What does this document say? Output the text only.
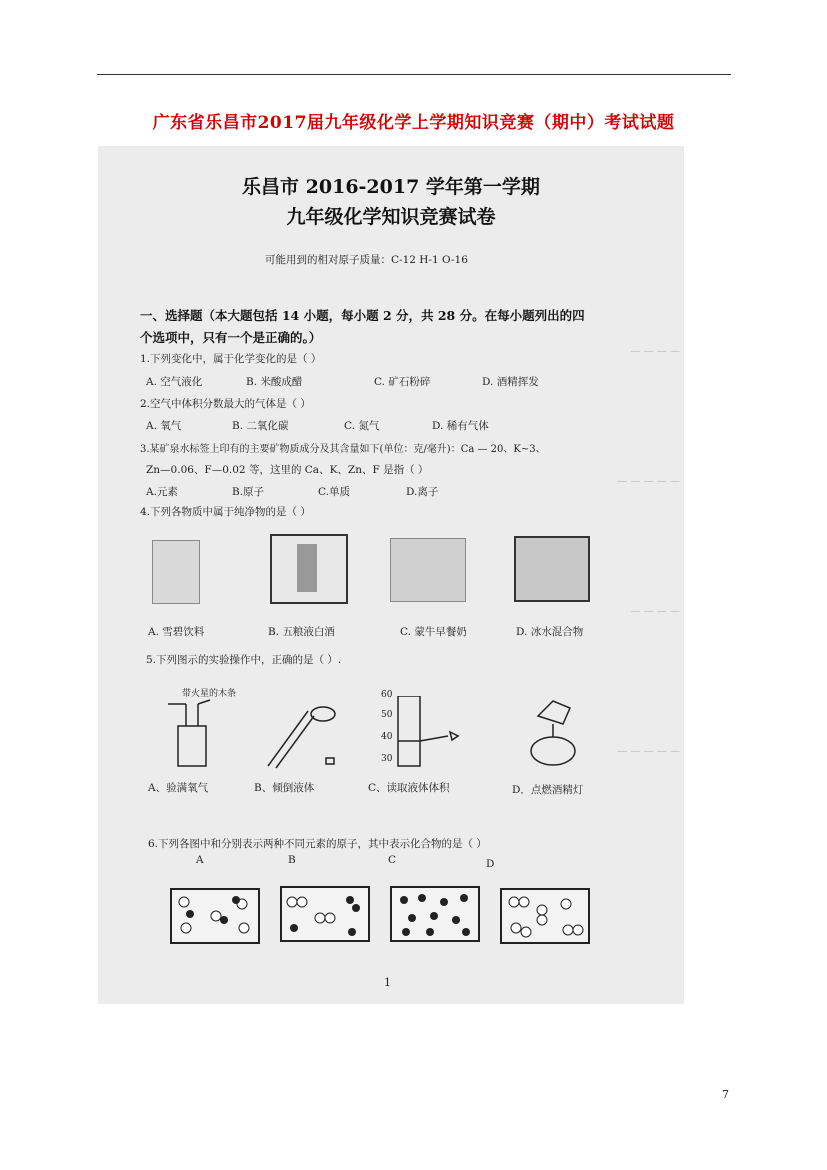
广东省乐昌市2017届九年级化学上学期知识竞赛（期中）考试试题
— — — —
— — — — —
— — — —
— — — — —
乐昌市 2016-2017 学年第一学期
九年级化学知识竞赛试卷
可能用到的相对原子质量：C-12 H-1 O-16
一、选择题（本大题包括 14 小题，每小题 2 分，共 28 分。在每小题列出的四
个选项中，只有一个是正确的。）
1.下列变化中，属于化学变化的是（ ）
A. 空气液化	B. 米酸成醋	C. 矿石粉碎	D. 酒精挥发
2.空气中体积分数最大的气体是（ ）
A. 氧气	B. 二氧化碳	C. 氮气	D. 稀有气体
3.某矿泉水标签上印有的主要矿物质成分及其含量如下(单位：克/毫升)：Ca — 20、K~3、
Zn—0.06、F—0.02 等，这里的 Ca、K、Zn、F 是指（ ）
A.元素	B.原子	C.单质	D.离子
4.下列各物质中属于纯净物的是（ ）
A. 雪碧饮料	B. 五粮液白酒	C. 蒙牛早餐奶	D. 冰水混合物
5.下列图示的实验操作中，正确的是（ ）.
带火星的木条	60
50
40
30
A、验满氧气	B、倾倒液体	C、读取液体体积	D．点燃酒精灯
6.下列各图中和分别表示两种不同元素的原子，其中表示化合物的是（ ）
A	B	C	D
1
7
